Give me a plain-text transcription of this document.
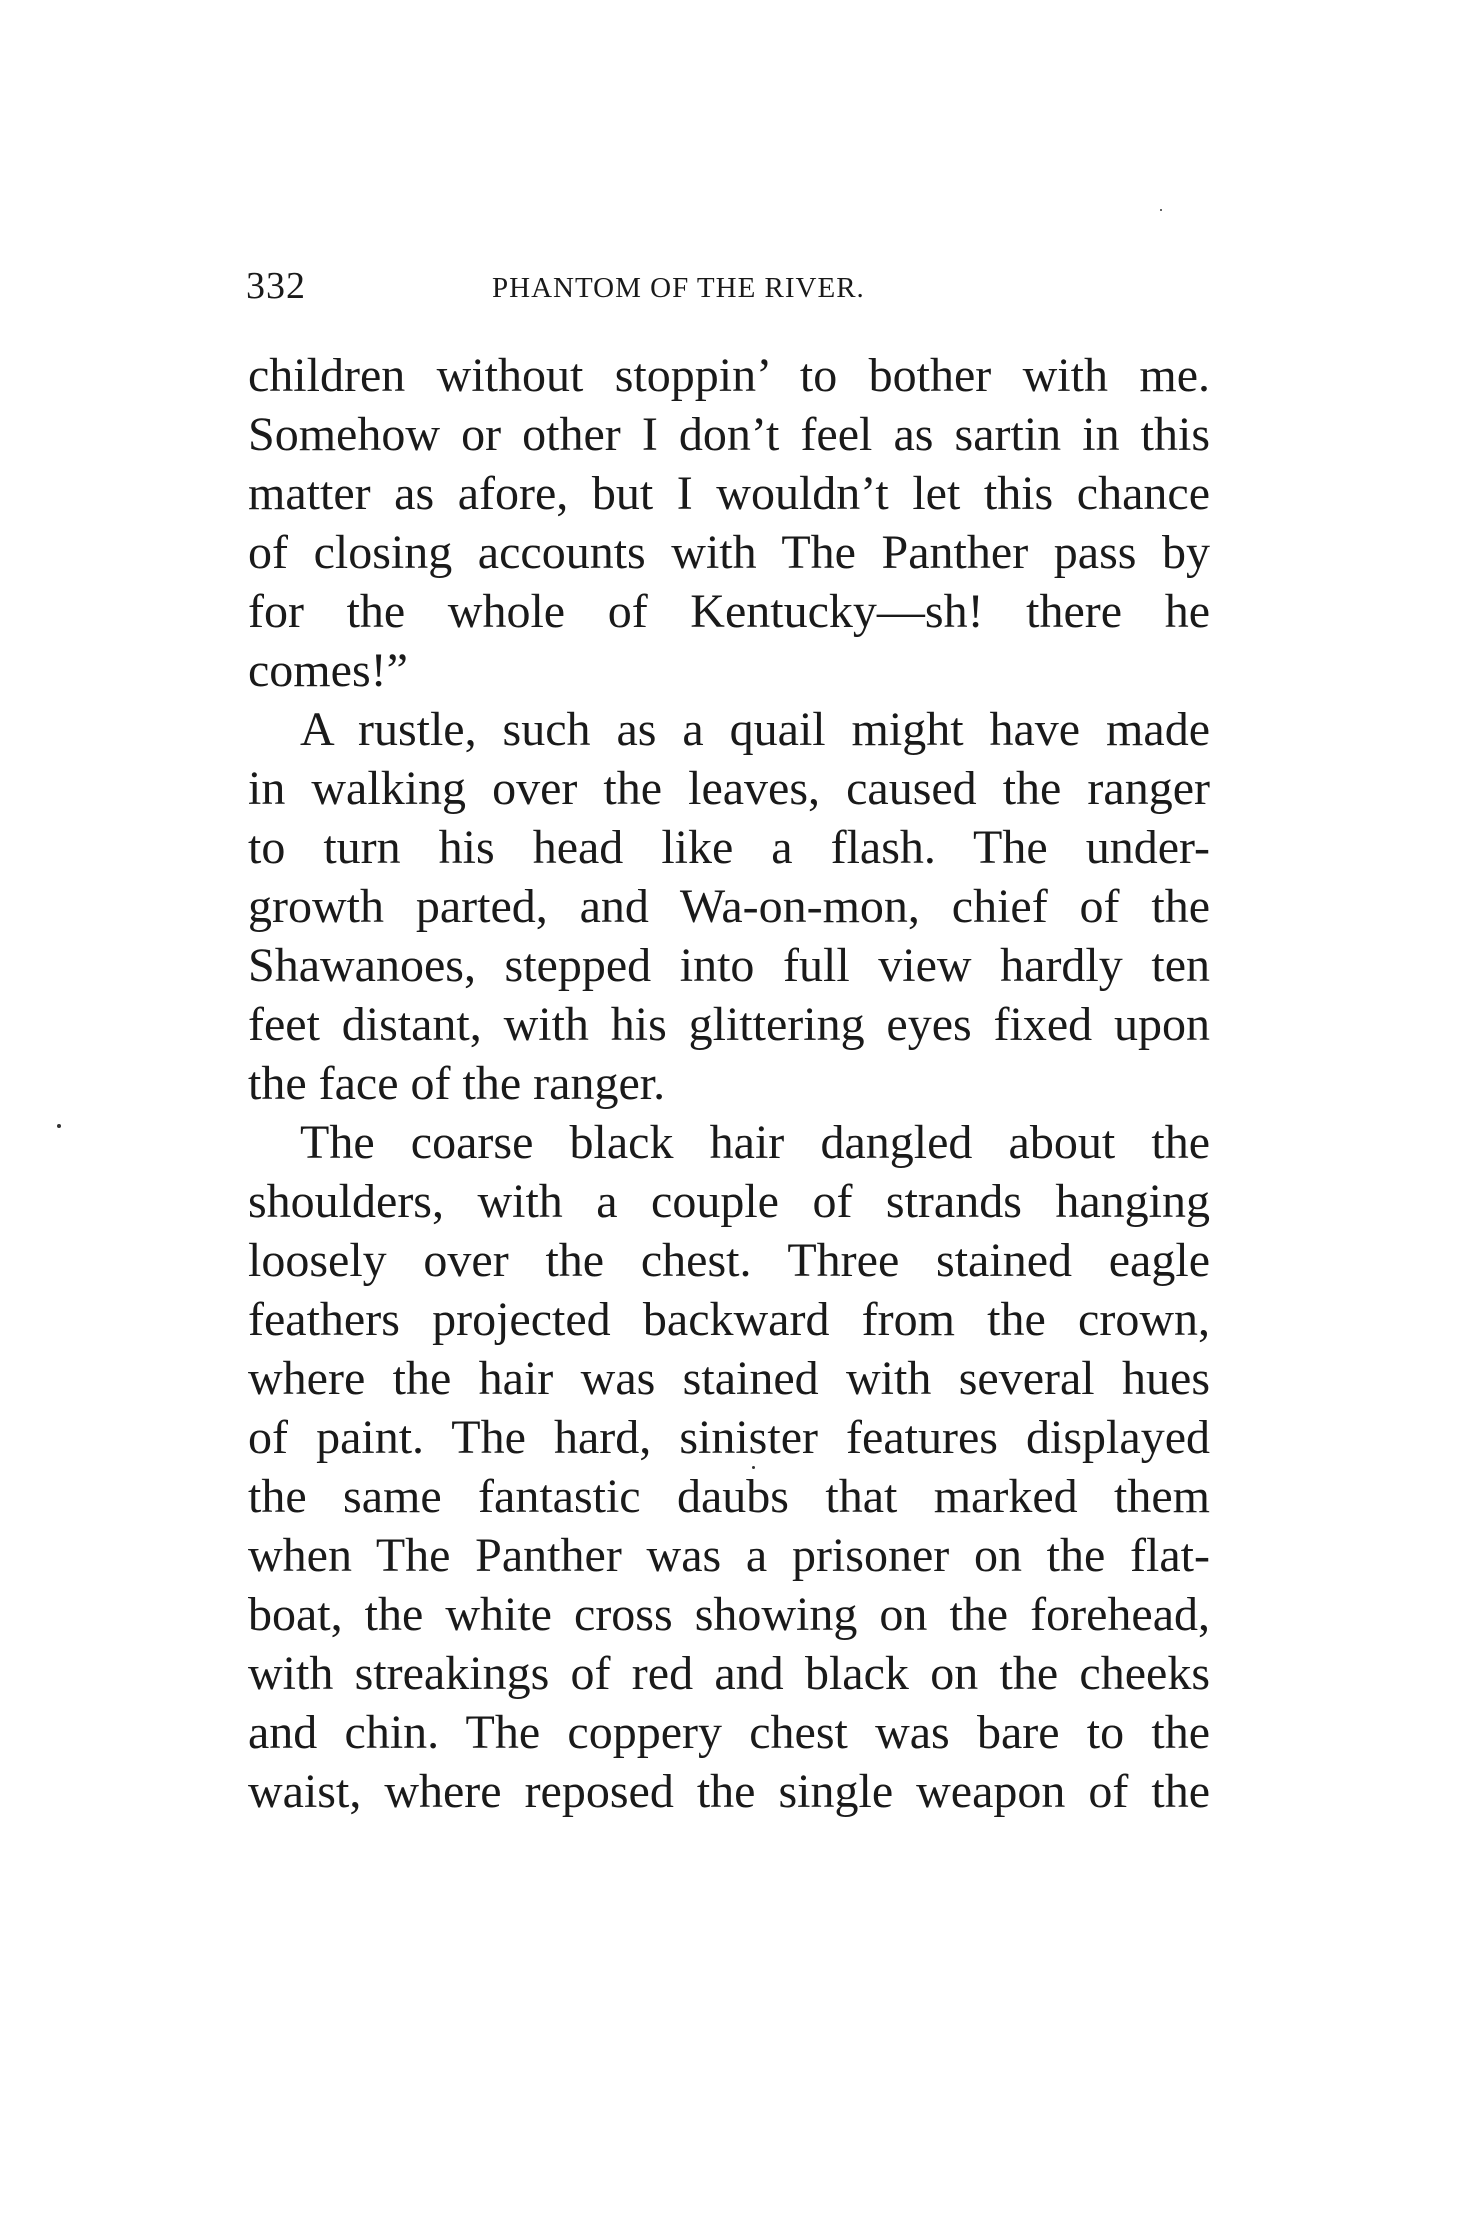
332	PHANTOM OF THE RIVER.
children without stoppin’ to bother with me.
Somehow or other I don’t feel as sartin in this
matter as afore, but I wouldn’t let this chance
of closing accounts with The Panther pass by
for the whole of Kentucky—sh! there he
comes!”
A rustle, such as a quail might have made
in walking over the leaves, caused the ranger
to turn his head like a flash. The under-
growth parted, and Wa-on-mon, chief of the
Shawanoes, stepped into full view hardly ten
feet distant, with his glittering eyes fixed upon
the face of the ranger.
The coarse black hair dangled about the
shoulders, with a couple of strands hanging
loosely over the chest. Three stained eagle
feathers projected backward from the crown,
where the hair was stained with several hues
of paint. The hard, sinister features displayed
the same fantastic daubs that marked them
when The Panther was a prisoner on the flat-
boat, the white cross showing on the forehead,
with streakings of red and black on the cheeks
and chin. The coppery chest was bare to the
waist, where reposed the single weapon of the
